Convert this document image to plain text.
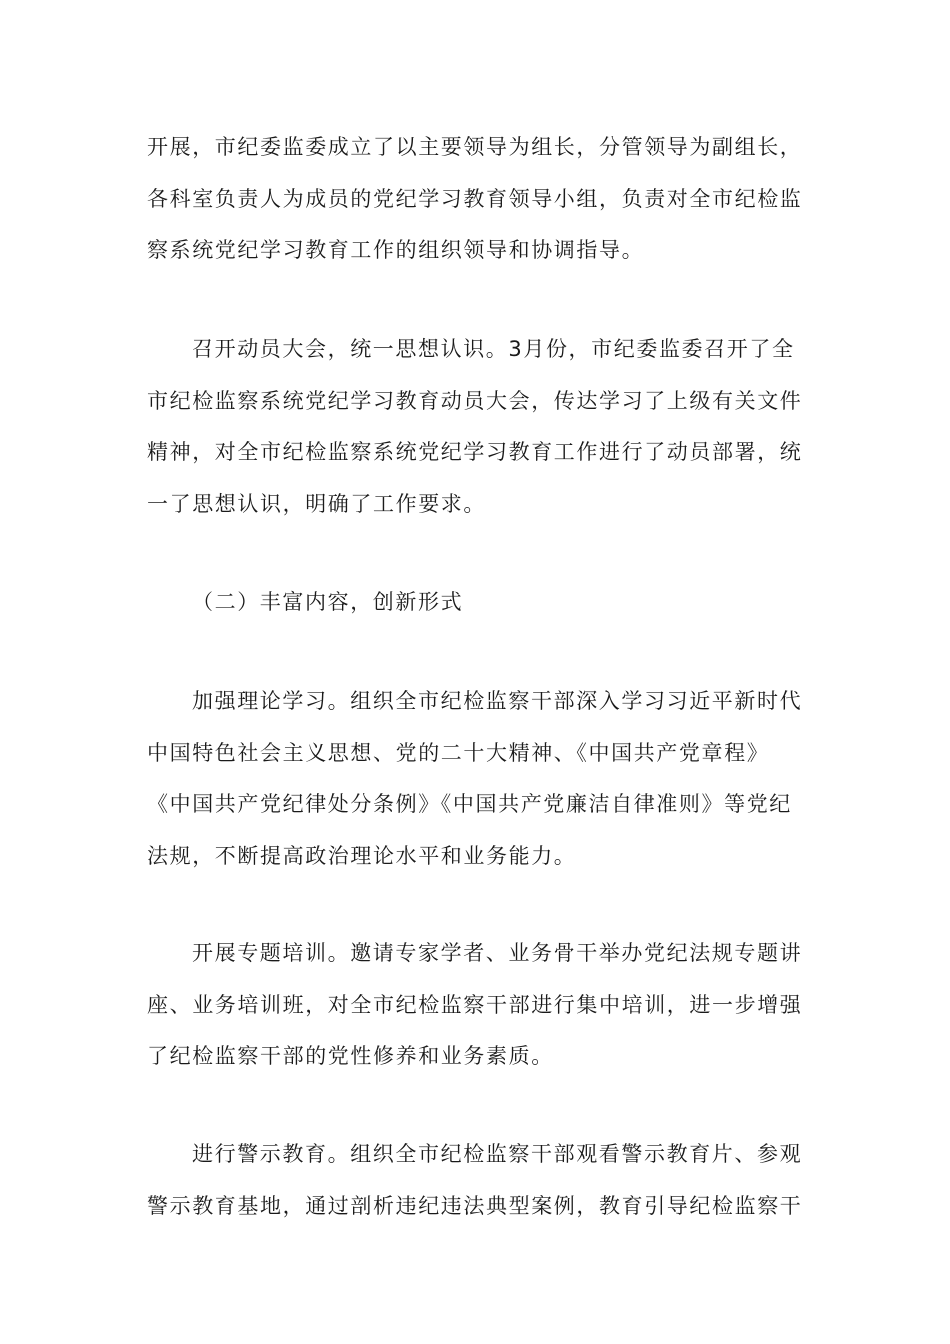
开展，市纪委监委成立了以主要领导为组长，分管领导为副组长，
各科室负责人为成员的党纪学习教育领导小组，负责对全市纪检监
察系统党纪学习教育工作的组织领导和协调指导。

召开动员大会，统一思想认识。3月份，市纪委监委召开了全
市纪检监察系统党纪学习教育动员大会，传达学习了上级有关文件
精神，对全市纪检监察系统党纪学习教育工作进行了动员部署，统
一了思想认识，明确了工作要求。

（二）丰富内容，创新形式

加强理论学习。组织全市纪检监察干部深入学习习近平新时代
中国特色社会主义思想、党的二十大精神、《中国共产党章程》
《中国共产党纪律处分条例》《中国共产党廉洁自律准则》等党纪
法规，不断提高政治理论水平和业务能力。

开展专题培训。邀请专家学者、业务骨干举办党纪法规专题讲
座、业务培训班，对全市纪检监察干部进行集中培训，进一步增强
了纪检监察干部的党性修养和业务素质。

进行警示教育。组织全市纪检监察干部观看警示教育片、参观
警示教育基地，通过剖析违纪违法典型案例，教育引导纪检监察干
